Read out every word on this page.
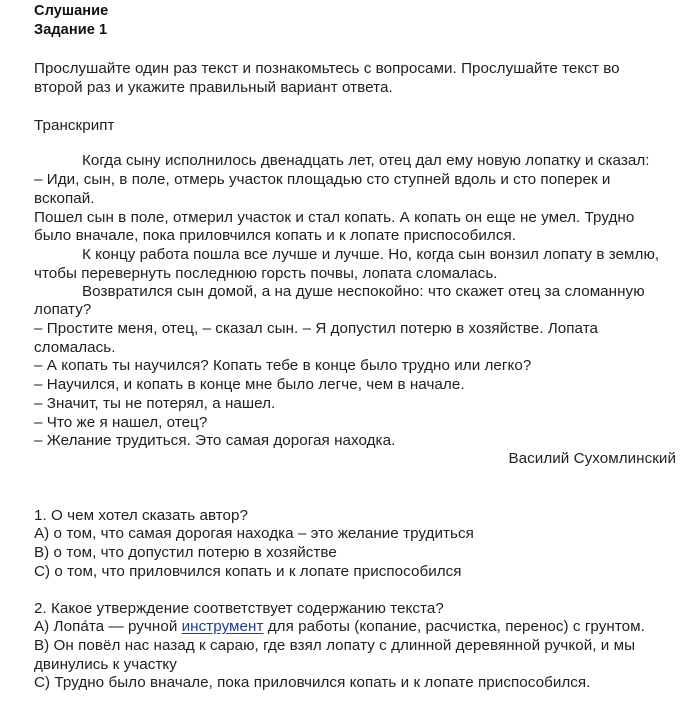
Слушание
Задание 1
Прослушайте один раз текст и познакомьтесь с вопросами. Прослушайте текст во
второй раз и укажите правильный вариант ответа.
Транскрипт
Когда сыну исполнилось двенадцать лет, отец дал ему новую лопатку и сказал:
– Иди, сын, в поле, отмерь участок площадью сто ступней вдоль и сто поперек и
вскопай.
Пошел сын в поле, отмерил участок и стал копать. А копать он еще не умел. Трудно
было вначале, пока приловчился копать и к лопате приспособился.
К концу работа пошла все лучше и лучше. Но, когда сын вонзил лопату в землю,
чтобы перевернуть последнюю горсть почвы, лопата сломалась.
Возвратился сын домой, а на душе неспокойно: что скажет отец за сломанную
лопату?
– Простите меня, отец, – сказал сын. – Я допустил потерю в хозяйстве. Лопата
сломалась.
– А копать ты научился? Копать тебе в конце было трудно или легко?
– Научился, и копать в конце мне было легче, чем в начале.
– Значит, ты не потерял, а нашел.
– Что же я нашел, отец?
– Желание трудиться. Это самая дорогая находка.
Василий Сухомлинский
1. О чем хотел сказать автор?
А) о том, что самая дорогая находка – это желание трудиться
В) о том, что допустил потерю в хозяйстве
С) о том, что приловчился копать и к лопате приспособился
2. Какое утверждение соответствует содержанию текста?
А) Лопа́та — ручной инструмент для работы (копание, расчистка, перенос) с грунтом.
В) Он повёл нас назад к сараю, где взял лопату с длинной деревянной ручкой, и мы
двинулись к участку
С) Трудно было вначале, пока приловчился копать и к лопате приспособился.
